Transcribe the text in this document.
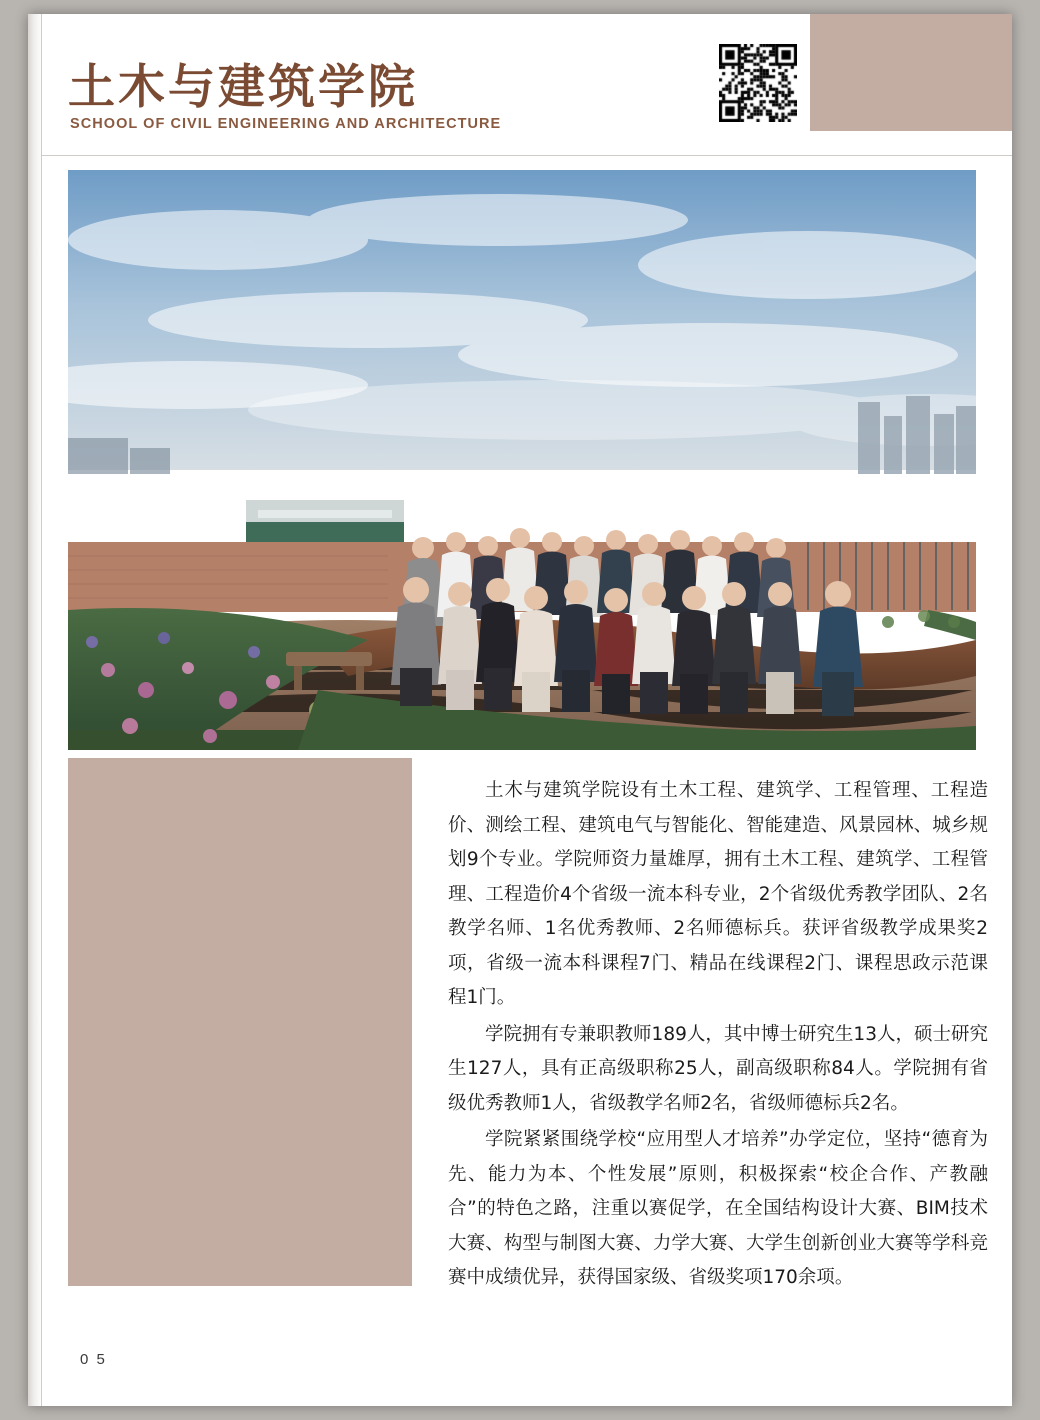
土木与建筑学院
SCHOOL OF CIVIL ENGINEERING AND ARCHITECTURE

土木与建筑学院设有土木工程、建筑学、工程管理、工程造价、测绘工程、建筑电气与智能化、智能建造、风景园林、城乡规划9个专业。学院师资力量雄厚，拥有土木工程、建筑学、工程管理、工程造价4个省级一流本科专业，2个省级优秀教学团队、2名教学名师、1名优秀教师、2名师德标兵。获评省级教学成果奖2项，省级一流本科课程7门、精品在线课程2门、课程思政示范课程1门。

学院拥有专兼职教师189人，其中博士研究生13人，硕士研究生127人，具有正高级职称25人，副高级职称84人。学院拥有省级优秀教师1人，省级教学名师2名，省级师德标兵2名。

学院紧紧围绕学校“应用型人才培养”办学定位，坚持“德育为先、能力为本、个性发展”原则，积极探索“校企合作、产教融合”的特色之路，注重以赛促学，在全国结构设计大赛、BIM技术大赛、构型与制图大赛、力学大赛、大学生创新创业大赛等学科竞赛中成绩优异，获得国家级、省级奖项170余项。

0 5
